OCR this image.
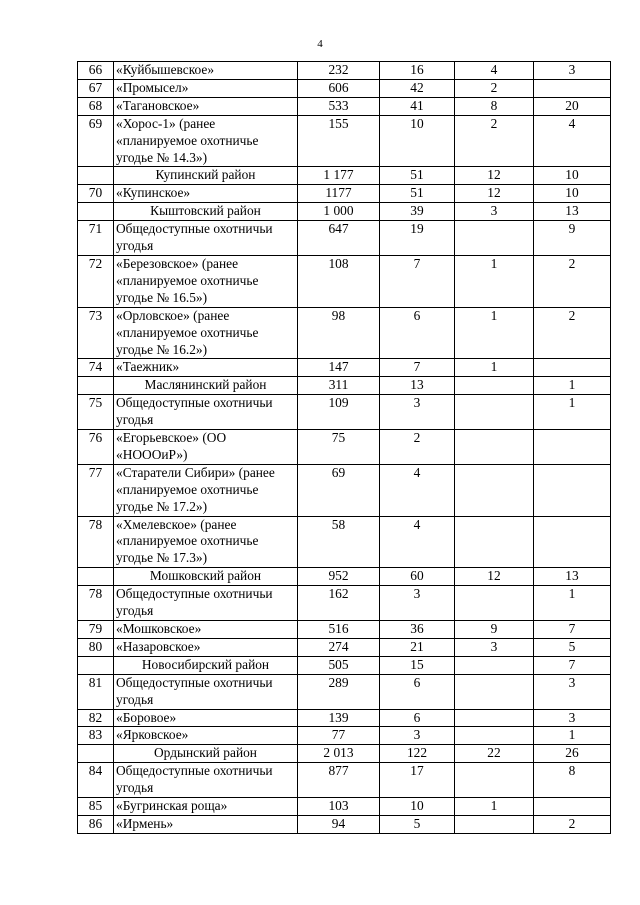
4
66	«Куйбышевское»	232	16	4	3
67	«Промысел»	606	42	2	
68	«Тагановское»	533	41	8	20
69	«Хорос-1» (ранее «планируемое охотничье угодье № 14.3»)	155	10	2	4
	Купинский район	1 177	51	12	10
70	«Купинское»	1177	51	12	10
	Кыштовский район	1 000	39	3	13
71	Общедоступные охотничьи угодья	647	19		9
72	«Березовское» (ранее «планируемое охотничье угодье № 16.5»)	108	7	1	2
73	«Орловское» (ранее «планируемое охотничье угодье № 16.2»)	98	6	1	2
74	«Таежник»	147	7	1	
	Маслянинский район	311	13		1
75	Общедоступные охотничьи угодья	109	3		1
76	«Егорьевское» (ОО «НОООиР»)	75	2		
77	«Старатели Сибири» (ранее «планируемое охотничье угодье № 17.2»)	69	4		
78	«Хмелевское» (ранее «планируемое охотничье угодье № 17.3»)	58	4		
	Мошковский район	952	60	12	13
78	Общедоступные охотничьи угодья	162	3		1
79	«Мошковское»	516	36	9	7
80	«Назаровское»	274	21	3	5
	Новосибирский район	505	15		7
81	Общедоступные охотничьи угодья	289	6		3
82	«Боровое»	139	6		3
83	«Ярковское»	77	3		1
	Ордынский район	2 013	122	22	26
84	Общедоступные охотничьи угодья	877	17		8
85	«Бугринская роща»	103	10	1	
86	«Ирмень»	94	5		2
